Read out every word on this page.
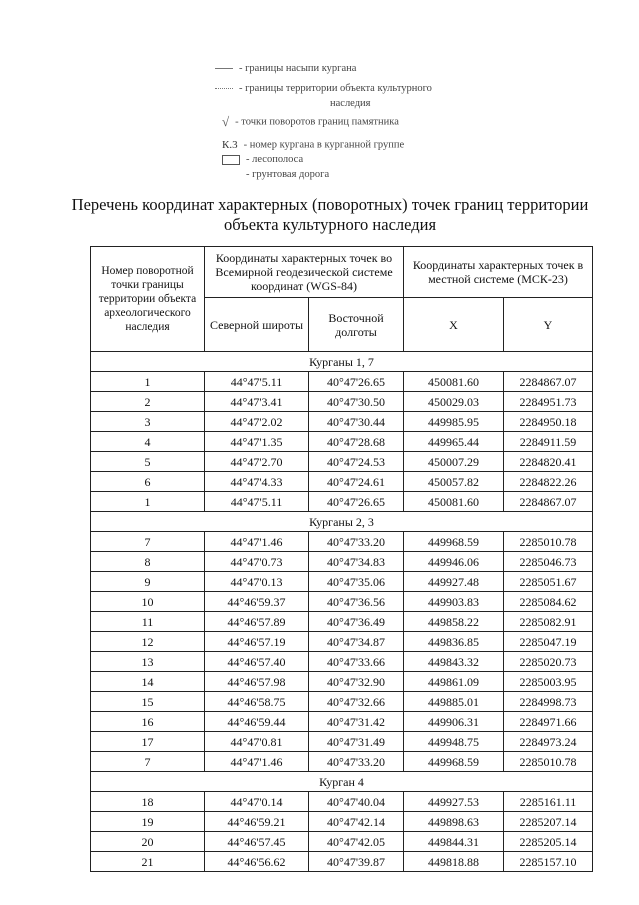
- границы насыпи кургана
- границы территории объекта культурного
наследия
√ - точки поворотов границ памятника
К.3 - номер кургана в курганной группе
- лесополоса
- грунтовая дорога
Перечень координат характерных (поворотных) точек границ территории объекта культурного наследия
Номер поворотной точки границы территории объекта археологического наследия	Координаты характерных точек во Всемирной геодезической системе координат (WGS-84)		Координаты характерных точек в местной системе (МСК-23)	
	Северной широты	Восточной долготы	X	Y
Курганы 1, 7				
1	44°47'5.11	40°47'26.65	450081.60	2284867.07
2	44°47'3.41	40°47'30.50	450029.03	2284951.73
3	44°47'2.02	40°47'30.44	449985.95	2284950.18
4	44°47'1.35	40°47'28.68	449965.44	2284911.59
5	44°47'2.70	40°47'24.53	450007.29	2284820.41
6	44°47'4.33	40°47'24.61	450057.82	2284822.26
1	44°47'5.11	40°47'26.65	450081.60	2284867.07
Курганы 2, 3				
7	44°47'1.46	40°47'33.20	449968.59	2285010.78
8	44°47'0.73	40°47'34.83	449946.06	2285046.73
9	44°47'0.13	40°47'35.06	449927.48	2285051.67
10	44°46'59.37	40°47'36.56	449903.83	2285084.62
11	44°46'57.89	40°47'36.49	449858.22	2285082.91
12	44°46'57.19	40°47'34.87	449836.85	2285047.19
13	44°46'57.40	40°47'33.66	449843.32	2285020.73
14	44°46'57.98	40°47'32.90	449861.09	2285003.95
15	44°46'58.75	40°47'32.66	449885.01	2284998.73
16	44°46'59.44	40°47'31.42	449906.31	2284971.66
17	44°47'0.81	40°47'31.49	449948.75	2284973.24
7	44°47'1.46	40°47'33.20	449968.59	2285010.78
Курган 4				
18	44°47'0.14	40°47'40.04	449927.53	2285161.11
19	44°46'59.21	40°47'42.14	449898.63	2285207.14
20	44°46'57.45	40°47'42.05	449844.31	2285205.14
21	44°46'56.62	40°47'39.87	449818.88	2285157.10
